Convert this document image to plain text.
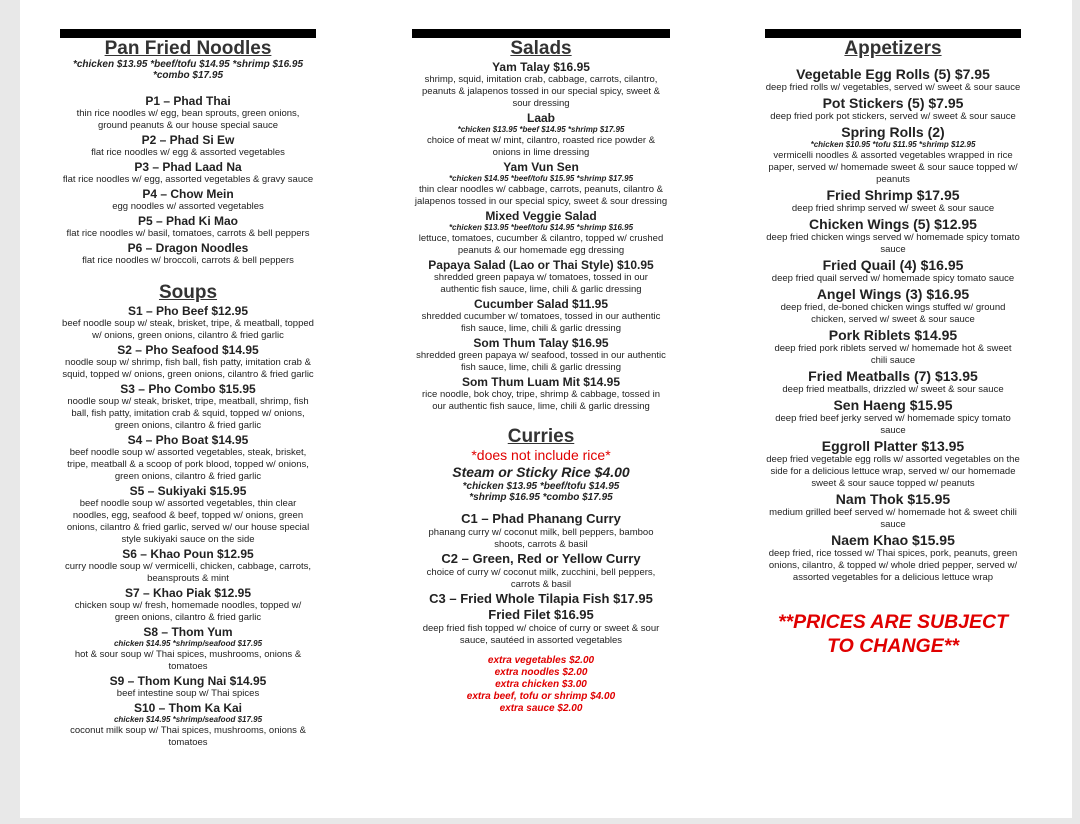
Pan Fried Noodles
*chicken $13.95 *beef/tofu $14.95 *shrimp $16.95
*combo $17.95
P1 – Phad Thai
thin rice noodles w/ egg, bean sprouts, green onions, ground peanuts & our house special sauce
P2 – Phad Si Ew
flat rice noodles w/ egg & assorted vegetables
P3 – Phad Laad Na
flat rice noodles w/ egg, assorted vegetables & gravy sauce
P4 – Chow Mein
egg noodles w/ assorted vegetables
P5 – Phad Ki Mao
flat rice noodles w/ basil, tomatoes, carrots & bell peppers
P6 – Dragon Noodles
flat rice noodles w/ broccoli, carrots & bell peppers
Soups
S1 – Pho Beef $12.95
beef noodle soup w/ steak, brisket, tripe, & meatball, topped w/ onions, green onions, cilantro & fried garlic
S2 – Pho Seafood $14.95
noodle soup w/ shrimp, fish ball, fish patty, imitation crab & squid, topped w/ onions, green onions, cilantro & fried garlic
S3 – Pho Combo $15.95
noodle soup w/ steak, brisket, tripe, meatball, shrimp, fish ball, fish patty, imitation crab & squid, topped w/ onions, green onions, cilantro & fried garlic
S4 – Pho Boat $14.95
beef noodle soup w/ assorted vegetables, steak, brisket, tripe, meatball & a scoop of pork blood, topped w/ onions, green onions, cilantro & fried garlic
S5 – Sukiyaki $15.95
beef noodle soup w/ assorted vegetables, thin clear noodles, egg, seafood & beef, topped w/ onions, green onions, cilantro & fried garlic, served w/ our house special style sukiyaki sauce on the side
S6 – Khao Poun $12.95
curry noodle soup w/ vermicelli, chicken, cabbage, carrots, beansprouts & mint
S7 – Khao Piak $12.95
chicken soup w/ fresh, homemade noodles, topped w/ green onions, cilantro & fried garlic
S8 – Thom Yum
chicken $14.95 *shrimp/seafood $17.95
hot & sour soup w/ Thai spices, mushrooms, onions & tomatoes
S9 – Thom Kung Nai $14.95
beef intestine soup w/ Thai spices
S10 – Thom Ka Kai
chicken $14.95 *shrimp/seafood $17.95
coconut milk soup w/ Thai spices, mushrooms, onions & tomatoes
Salads
Yam Talay $16.95
shrimp, squid, imitation crab, cabbage, carrots, cilantro, peanuts & jalapenos tossed in our special spicy, sweet & sour dressing
Laab
*chicken $13.95 *beef $14.95 *shrimp $17.95
choice of meat w/ mint, cilantro, roasted rice powder & onions in lime dressing
Yam Vun Sen
*chicken $14.95 *beef/tofu $15.95 *shrimp $17.95
thin clear noodles w/ cabbage, carrots, peanuts, cilantro & jalapenos tossed in our special spicy, sweet & sour dressing
Mixed Veggie Salad
*chicken $13.95 *beef/tofu $14.95 *shrimp $16.95
lettuce, tomatoes, cucumber & cilantro, topped w/ crushed peanuts & our homemade egg dressing
Papaya Salad (Lao or Thai Style) $10.95
shredded green papaya w/ tomatoes, tossed in our authentic fish sauce, lime, chili & garlic dressing
Cucumber Salad $11.95
shredded cucumber w/ tomatoes, tossed in our authentic fish sauce, lime, chili & garlic dressing
Som Thum Talay $16.95
shredded green papaya w/ seafood, tossed in our authentic fish sauce, lime, chili & garlic dressing
Som Thum Luam Mit $14.95
rice noodle, bok choy, tripe, shrimp & cabbage, tossed in our authentic fish sauce, lime, chili & garlic dressing
Curries
*does not include rice*
Steam or Sticky Rice $4.00
*chicken $13.95 *beef/tofu $14.95
*shrimp $16.95 *combo $17.95
C1 – Phad Phanang Curry
phanang curry w/ coconut milk, bell peppers, bamboo shoots, carrots & basil
C2 – Green, Red or Yellow Curry
choice of curry w/ coconut milk, zucchini, bell peppers, carrots & basil
C3 – Fried Whole Tilapia Fish $17.95
Fried Filet $16.95
deep fried fish topped w/ choice of curry or sweet & sour sauce, sautéed in assorted vegetables
extra vegetables $2.00
extra noodles $2.00
extra chicken $3.00
extra beef, tofu or shrimp $4.00
extra sauce $2.00
Appetizers
Vegetable Egg Rolls (5) $7.95
deep fried rolls w/ vegetables, served w/ sweet & sour sauce
Pot Stickers (5) $7.95
deep fried pork pot stickers, served w/ sweet & sour sauce
Spring Rolls (2)
*chicken $10.95 *tofu $11.95 *shrimp $12.95
vermicelli noodles & assorted vegetables wrapped in rice paper, served w/ homemade sweet & sour sauce topped w/ peanuts
Fried Shrimp $17.95
deep fried shrimp served w/ sweet & sour sauce
Chicken Wings (5) $12.95
deep fried chicken wings served w/ homemade spicy tomato sauce
Fried Quail (4) $16.95
deep fried quail served w/ homemade spicy tomato sauce
Angel Wings (3) $16.95
deep fried, de-boned chicken wings stuffed w/ ground chicken, served w/ sweet & sour sauce
Pork Riblets $14.95
deep fried pork riblets served w/ homemade hot & sweet chili sauce
Fried Meatballs (7) $13.95
deep fried meatballs, drizzled w/ sweet & sour sauce
Sen Haeng $15.95
deep fried beef jerky served w/ homemade spicy tomato sauce
Eggroll Platter $13.95
deep fried vegetable egg rolls w/ assorted vegetables on the side for a delicious lettuce wrap, served w/ our homemade sweet & sour sauce topped w/ peanuts
Nam Thok $15.95
medium grilled beef served w/ homemade hot & sweet chili sauce
Naem Khao $15.95
deep fried, rice tossed w/ Thai spices, pork, peanuts, green onions, cilantro, & topped w/ whole dried pepper, served w/ assorted vegetables for a delicious lettuce wrap
**PRICES ARE SUBJECT
TO CHANGE**
